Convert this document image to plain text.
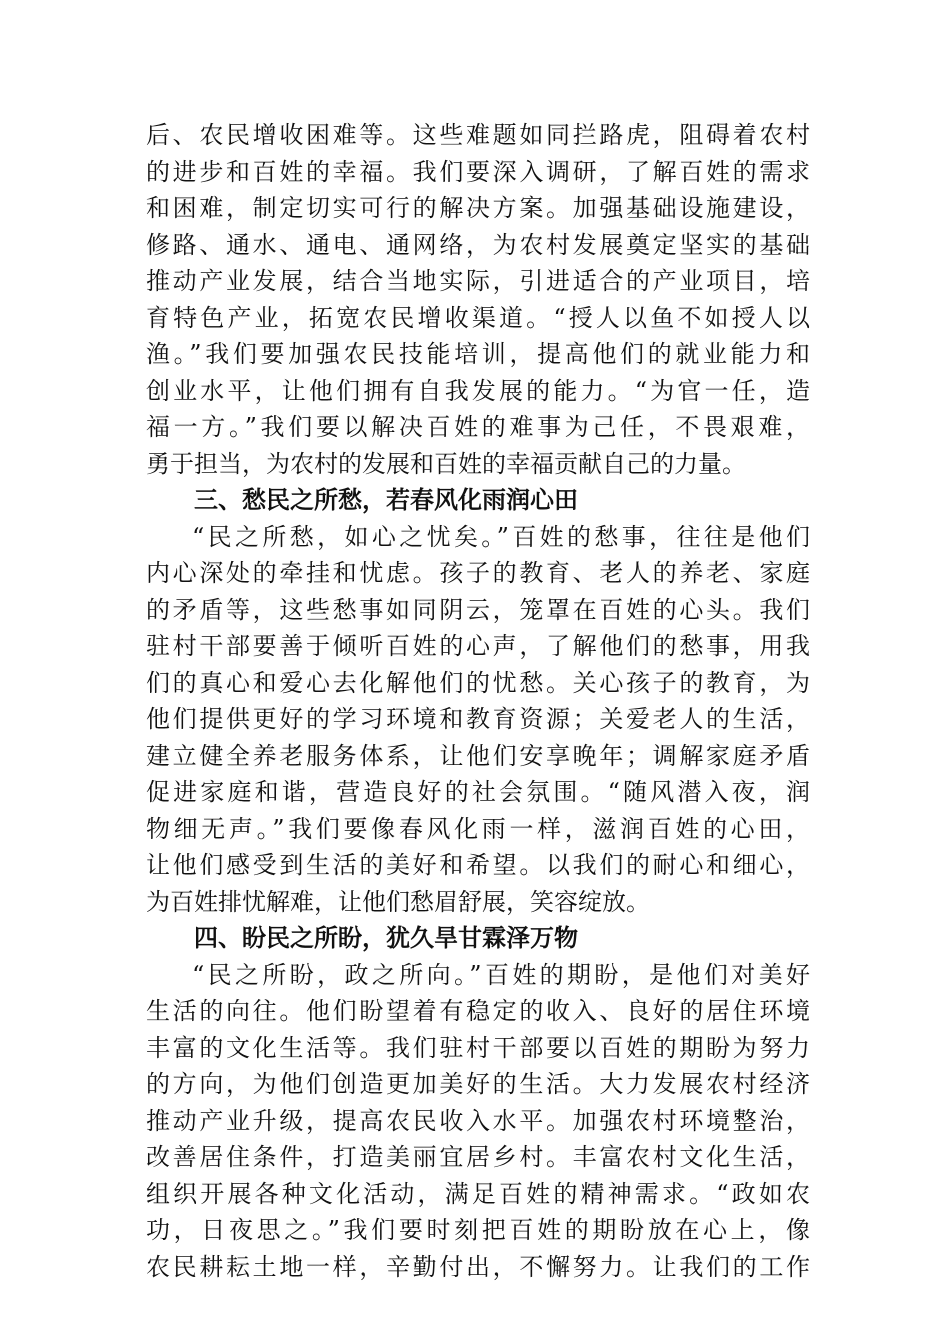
后、农民增收困难等。这些难题如同拦路虎，阻碍着农村
的进步和百姓的幸福。我们要深入调研，了解百姓的需求
和困难，制定切实可行的解决方案。加强基础设施建设，
修路、通水、通电、通网络，为农村发展奠定坚实的基础
推动产业发展，结合当地实际，引进适合的产业项目，培
育特色产业，拓宽农民增收渠道。“授人以鱼不如授人以
渔。”我们要加强农民技能培训，提高他们的就业能力和
创业水平，让他们拥有自我发展的能力。“为官一任，造
福一方。”我们要以解决百姓的难事为己任，不畏艰难，
勇于担当，为农村的发展和百姓的幸福贡献自己的力量。
三、愁民之所愁，若春风化雨润心田
“民之所愁，如心之忧矣。”百姓的愁事，往往是他们
内心深处的牵挂和忧虑。孩子的教育、老人的养老、家庭
的矛盾等，这些愁事如同阴云，笼罩在百姓的心头。我们
驻村干部要善于倾听百姓的心声，了解他们的愁事，用我
们的真心和爱心去化解他们的忧愁。关心孩子的教育，为
他们提供更好的学习环境和教育资源；关爱老人的生活，
建立健全养老服务体系，让他们安享晚年；调解家庭矛盾
促进家庭和谐，营造良好的社会氛围。“随风潜入夜，润
物细无声。”我们要像春风化雨一样，滋润百姓的心田，
让他们感受到生活的美好和希望。以我们的耐心和细心，
为百姓排忧解难，让他们愁眉舒展，笑容绽放。
四、盼民之所盼，犹久旱甘霖泽万物
“民之所盼，政之所向。”百姓的期盼，是他们对美好
生活的向往。他们盼望着有稳定的收入、良好的居住环境
丰富的文化生活等。我们驻村干部要以百姓的期盼为努力
的方向，为他们创造更加美好的生活。大力发展农村经济
推动产业升级，提高农民收入水平。加强农村环境整治，
改善居住条件，打造美丽宜居乡村。丰富农村文化生活，
组织开展各种文化活动，满足百姓的精神需求。“政如农
功，日夜思之。”我们要时刻把百姓的期盼放在心上，像
农民耕耘土地一样，辛勤付出，不懈努力。让我们的工作
